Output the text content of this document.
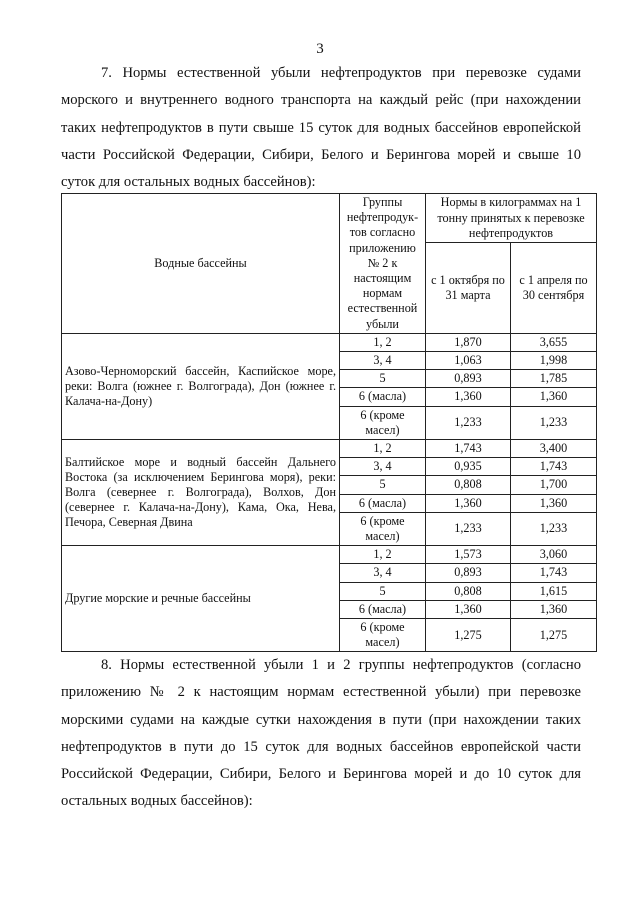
3
7. Нормы естественной убыли нефтепродуктов при перевозке судами морского и внутреннего водного транспорта на каждый рейс (при нахождении таких нефтепродуктов в пути свыше 15 суток для водных бассейнов европейской части Российской Федерации, Сибири, Белого и Берингова морей и свыше 10 суток для остальных водных бассейнов):
Водные бассейны	Группы нефтепродук-тов согласно приложению № 2 к настоящим нормам естественной убыли	Нормы в килограммах на 1 тонну принятых к перевозке нефтепродуктов	
		с 1 октября по 31 марта	с 1 апреля по 30 сентября
Азово-Черноморский бассейн, Каспийское море, реки: Волга (южнее г. Волгограда), Дон (южнее г. Калача-на-Дону)	1, 2	1,870	3,655
	3, 4	1,063	1,998
	5	0,893	1,785
	6 (масла)	1,360	1,360
	6 (кроме масел)	1,233	1,233
Балтийское море и водный бассейн Дальнего Востока (за исключением Берингова моря), реки: Волга (севернее г. Волгограда), Волхов, Дон (севернее г. Калача-на-Дону), Кама, Ока, Нева, Печора, Северная Двина	1, 2	1,743	3,400
	3, 4	0,935	1,743
	5	0,808	1,700
	6 (масла)	1,360	1,360
	6 (кроме масел)	1,233	1,233
Другие морские и речные бассейны	1, 2	1,573	3,060
	3, 4	0,893	1,743
	5	0,808	1,615
	6 (масла)	1,360	1,360
	6 (кроме масел)	1,275	1,275
8. Нормы естественной убыли 1 и 2 группы нефтепродуктов (согласно приложению № 2 к настоящим нормам естественной убыли) при перевозке морскими судами на каждые сутки нахождения в пути (при нахождении таких нефтепродуктов в пути до 15 суток для водных бассейнов европейской части Российской Федерации, Сибири, Белого и Берингова морей и до 10 суток для остальных водных бассейнов):
